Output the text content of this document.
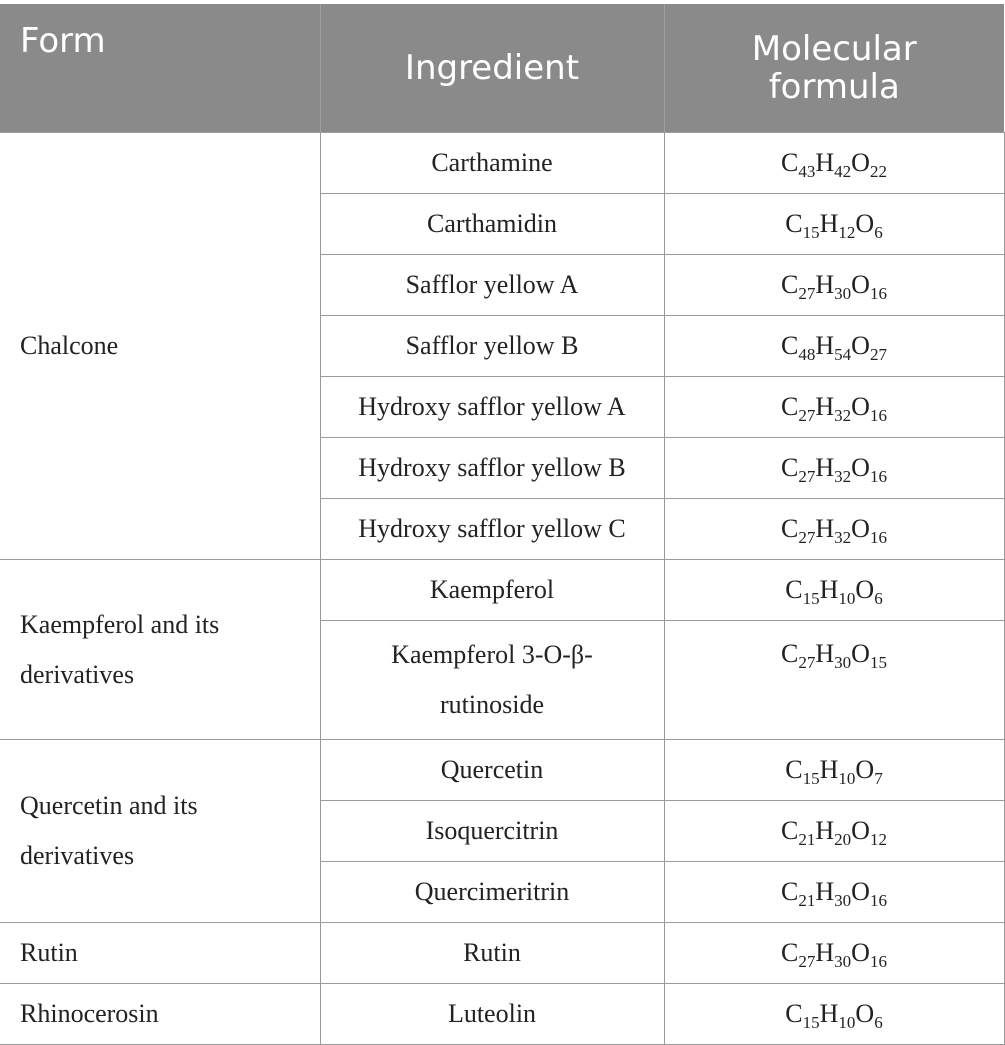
Form	Ingredient	Molecular formula
Chalcone	Carthamine	$C_{43}H_{42}O_{22}$
	Carthamidin	$C_{15}H_{12}O_6$
	Safflor yellow A	$C_{27}H_{30}O_{16}$
	Safflor yellow B	$C_{48}H_{54}O_{27}$
	Hydroxy safflor yellow A	$C_{27}H_{32}O_{16}$
	Hydroxy safflor yellow B	$C_{27}H_{32}O_{16}$
	Hydroxy safflor yellow C	$C_{27}H_{32}O_{16}$
Kaempferol and its derivatives	Kaempferol	$C_{15}H_{10}O_6$
	Kaempferol 3-O-β-rutinoside	$C_{27}H_{30}O_{15}$
Quercetin and its derivatives	Quercetin	$C_{15}H_{10}O_7$
	Isoquercitrin	$C_{21}H_{20}O_{12}$
	Quercimeritrin	$C_{21}H_{30}O_{16}$
Rutin	Rutin	$C_{27}H_{30}O_{16}$
Rhinocerosin	Luteolin	$C_{15}H_{10}O_6$
